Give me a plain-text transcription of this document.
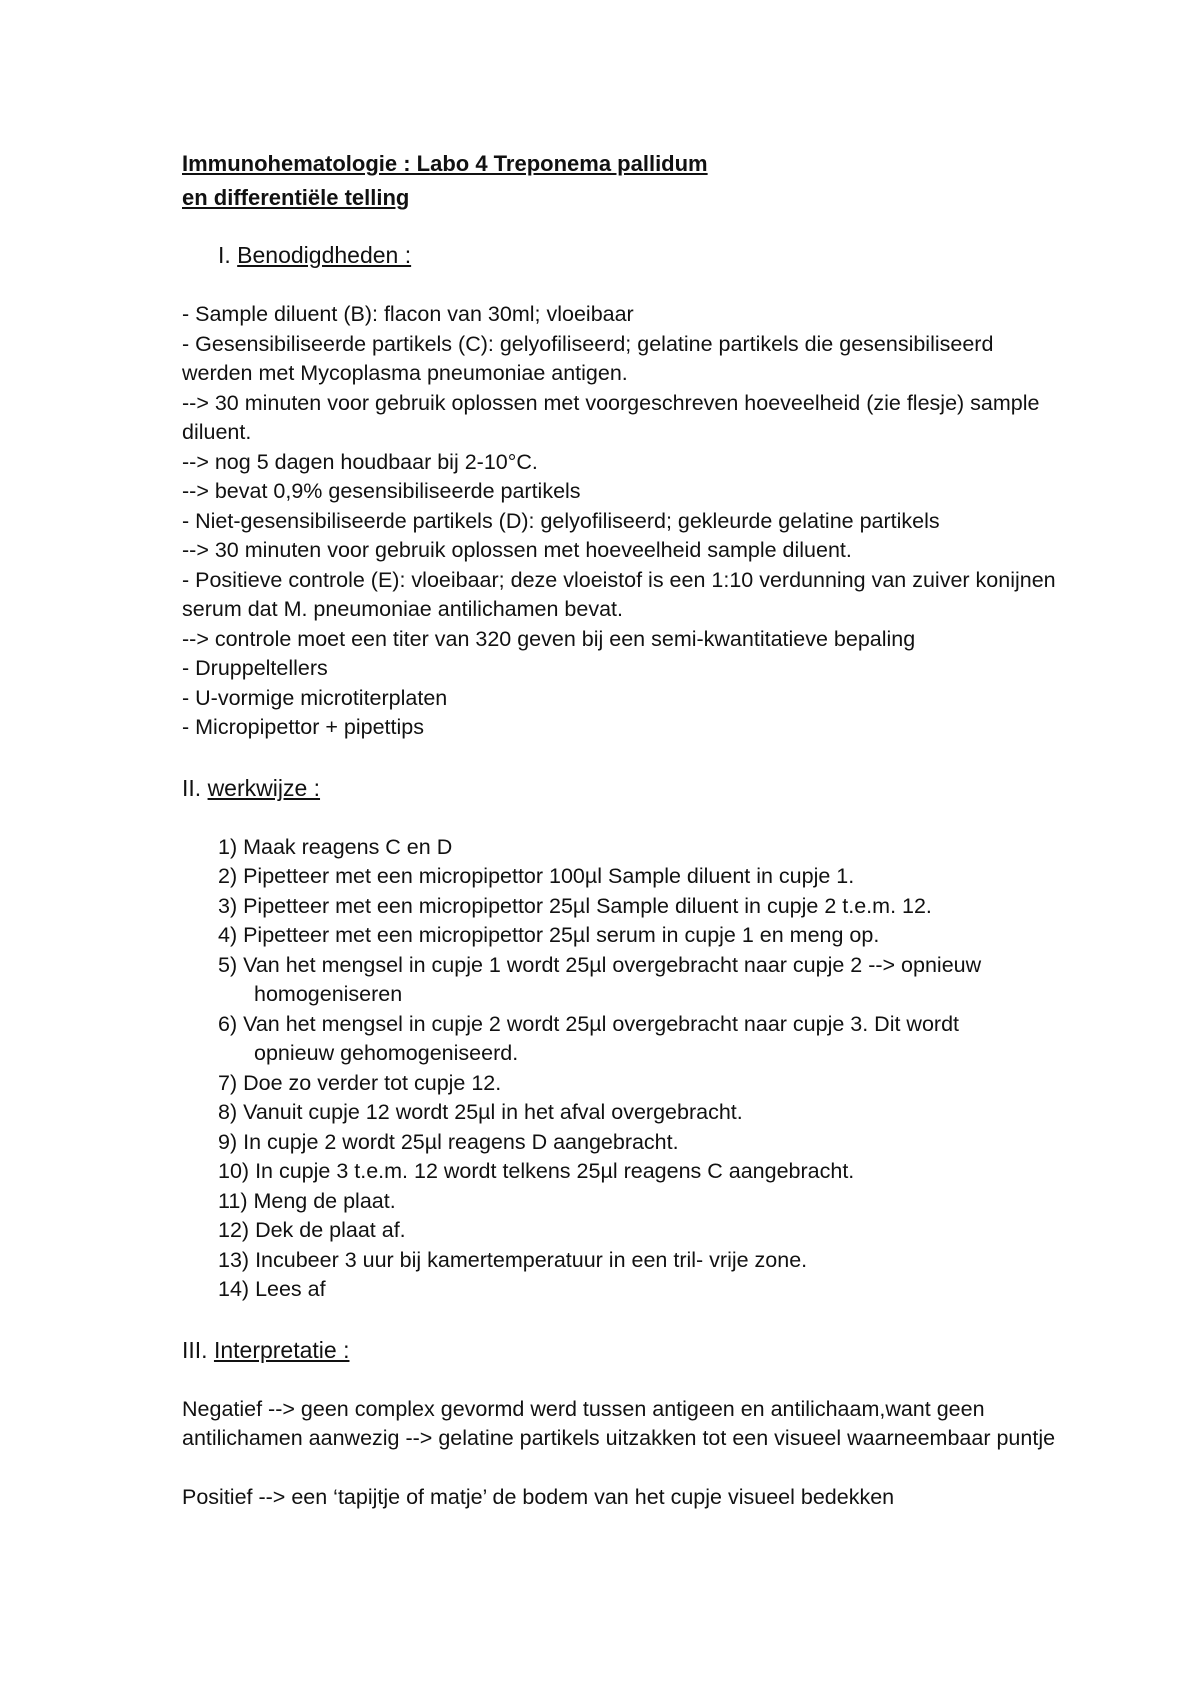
Immunohematologie : Labo 4 Treponema pallidum
en differentiële telling
I. Benodigdheden :
- Sample diluent (B): flacon van 30ml; vloeibaar
- Gesensibiliseerde partikels (C): gelyofiliseerd; gelatine partikels die gesensibiliseerd werden met Mycoplasma pneumoniae antigen.
--> 30 minuten voor gebruik oplossen met voorgeschreven hoeveelheid (zie flesje) sample diluent.
--> nog 5 dagen houdbaar bij 2-10°C.
--> bevat 0,9% gesensibiliseerde partikels
- Niet-gesensibiliseerde partikels (D): gelyofiliseerd; gekleurde gelatine partikels
--> 30 minuten voor gebruik oplossen met hoeveelheid sample diluent.
- Positieve controle (E): vloeibaar; deze vloeistof is een 1:10 verdunning van zuiver konijnen serum dat M. pneumoniae antilichamen bevat.
--> controle moet een titer van 320 geven bij een semi-kwantitatieve bepaling
- Druppeltellers
- U-vormige microtiterplaten
- Micropipettor + pipettips
II. werkwijze :
1) Maak reagens C en D
2) Pipetteer met een micropipettor 100µl Sample diluent in cupje 1.
3) Pipetteer met een micropipettor 25µl Sample diluent in cupje 2 t.e.m. 12.
4) Pipetteer met een micropipettor 25µl serum in cupje 1 en meng op.
5) Van het mengsel in cupje 1 wordt 25µl overgebracht naar cupje 2 --> opnieuw
homogeniseren
6) Van het mengsel in cupje 2 wordt 25µl overgebracht naar cupje 3. Dit wordt
opnieuw gehomogeniseerd.
7) Doe zo verder tot cupje 12.
8) Vanuit cupje 12 wordt 25µl in het afval overgebracht.
9) In cupje 2 wordt 25µl reagens D aangebracht.
10) In cupje 3 t.e.m. 12 wordt telkens 25µl reagens C aangebracht.
11) Meng de plaat.
12) Dek de plaat af.
13) Incubeer 3 uur bij kamertemperatuur in een tril- vrije zone.
14) Lees af
III. Interpretatie :

Negatief --> geen complex gevormd werd tussen antigeen en antilichaam,want geen antilichamen aanwezig --> gelatine partikels uitzakken tot een visueel waarneembaar puntje

Positief --> een ‘tapijtje of matje’ de bodem van het cupje visueel bedekken
